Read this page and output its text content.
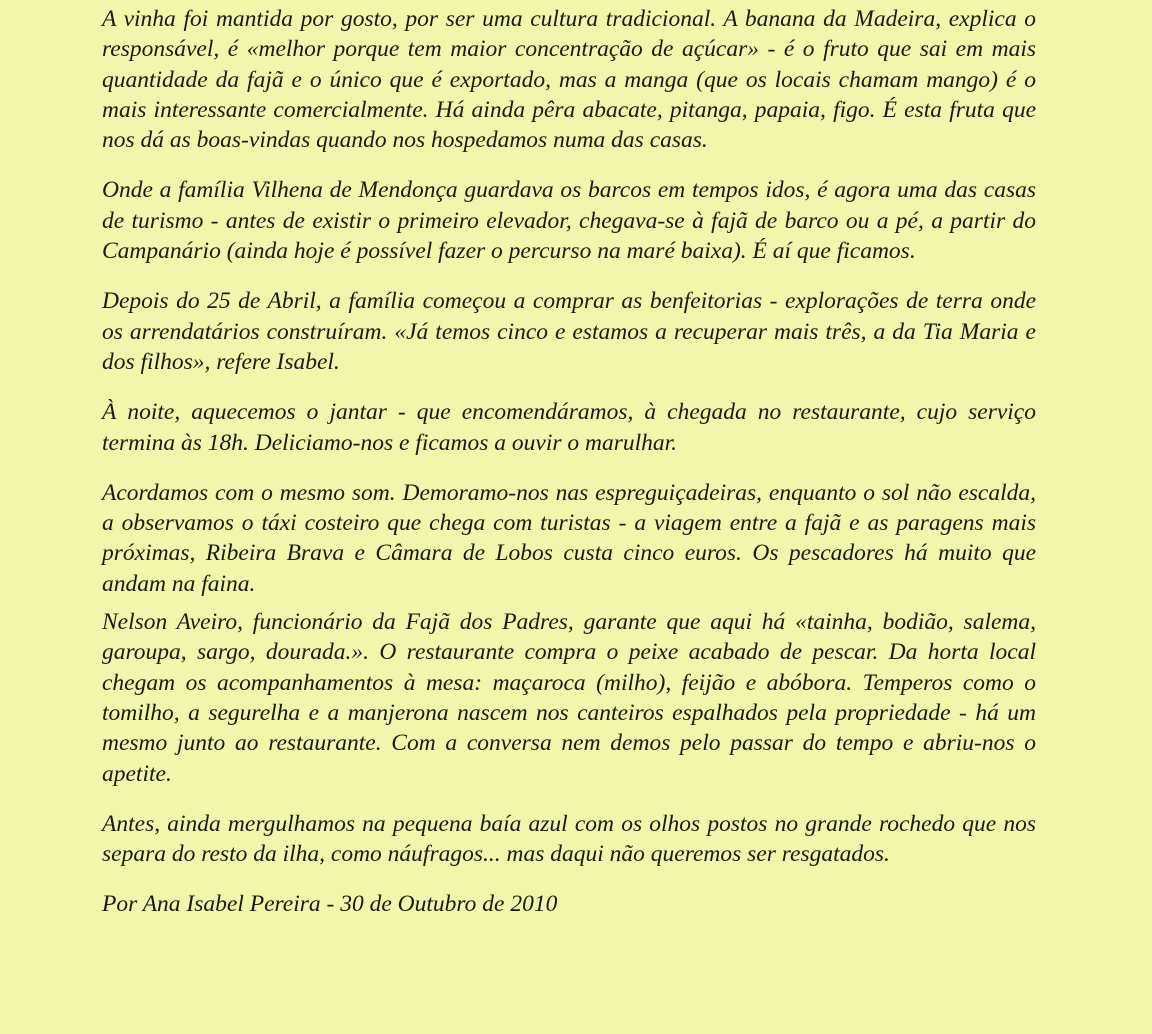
A vinha foi mantida por gosto, por ser uma cultura tradicional. A banana da Madeira, explica o responsável, é «melhor porque tem maior concentração de açúcar» - é o fruto que sai em mais quantidade da fajã e o único que é exportado, mas a manga (que os locais chamam mango) é o mais interessante comercialmente. Há ainda pêra abacate, pitanga, papaia, figo. É esta fruta que nos dá as boas-vindas quando nos hospedamos numa das casas.

Onde a família Vilhena de Mendonça guardava os barcos em tempos idos, é agora uma das casas de turismo - antes de existir o primeiro elevador, chegava-se à fajã de barco ou a pé, a partir do Campanário (ainda hoje é possível fazer o percurso na maré baixa). É aí que ficamos.

Depois do 25 de Abril, a família começou a comprar as benfeitorias - explorações de terra onde os arrendatários construíram. «Já temos cinco e estamos a recuperar mais três, a da Tia Maria e dos filhos», refere Isabel.

À noite, aquecemos o jantar - que encomendáramos, à chegada no restaurante, cujo serviço termina às 18h. Deliciamo-nos e ficamos a ouvir o marulhar.

Acordamos com o mesmo som. Demoramo-nos nas espreguiçadeiras, enquanto o sol não escalda, a observamos o táxi costeiro que chega com turistas - a viagem entre a fajã e as paragens mais próximas, Ribeira Brava e Câmara de Lobos custa cinco euros. Os pescadores há muito que andam na faina.

Nelson Aveiro, funcionário da Fajã dos Padres, garante que aqui há «tainha, bodião, salema, garoupa, sargo, dourada.». O restaurante compra o peixe acabado de pescar. Da horta local chegam os acompanhamentos à mesa: maçaroca (milho), feijão e abóbora. Temperos como o tomilho, a segurelha e a manjerona nascem nos canteiros espalhados pela propriedade - há um mesmo junto ao restaurante. Com a conversa nem demos pelo passar do tempo e abriu-nos o apetite.

Antes, ainda mergulhamos na pequena baía azul com os olhos postos no grande rochedo que nos separa do resto da ilha, como náufragos... mas daqui não queremos ser resgatados.

Por Ana Isabel Pereira - 30 de Outubro de 2010
